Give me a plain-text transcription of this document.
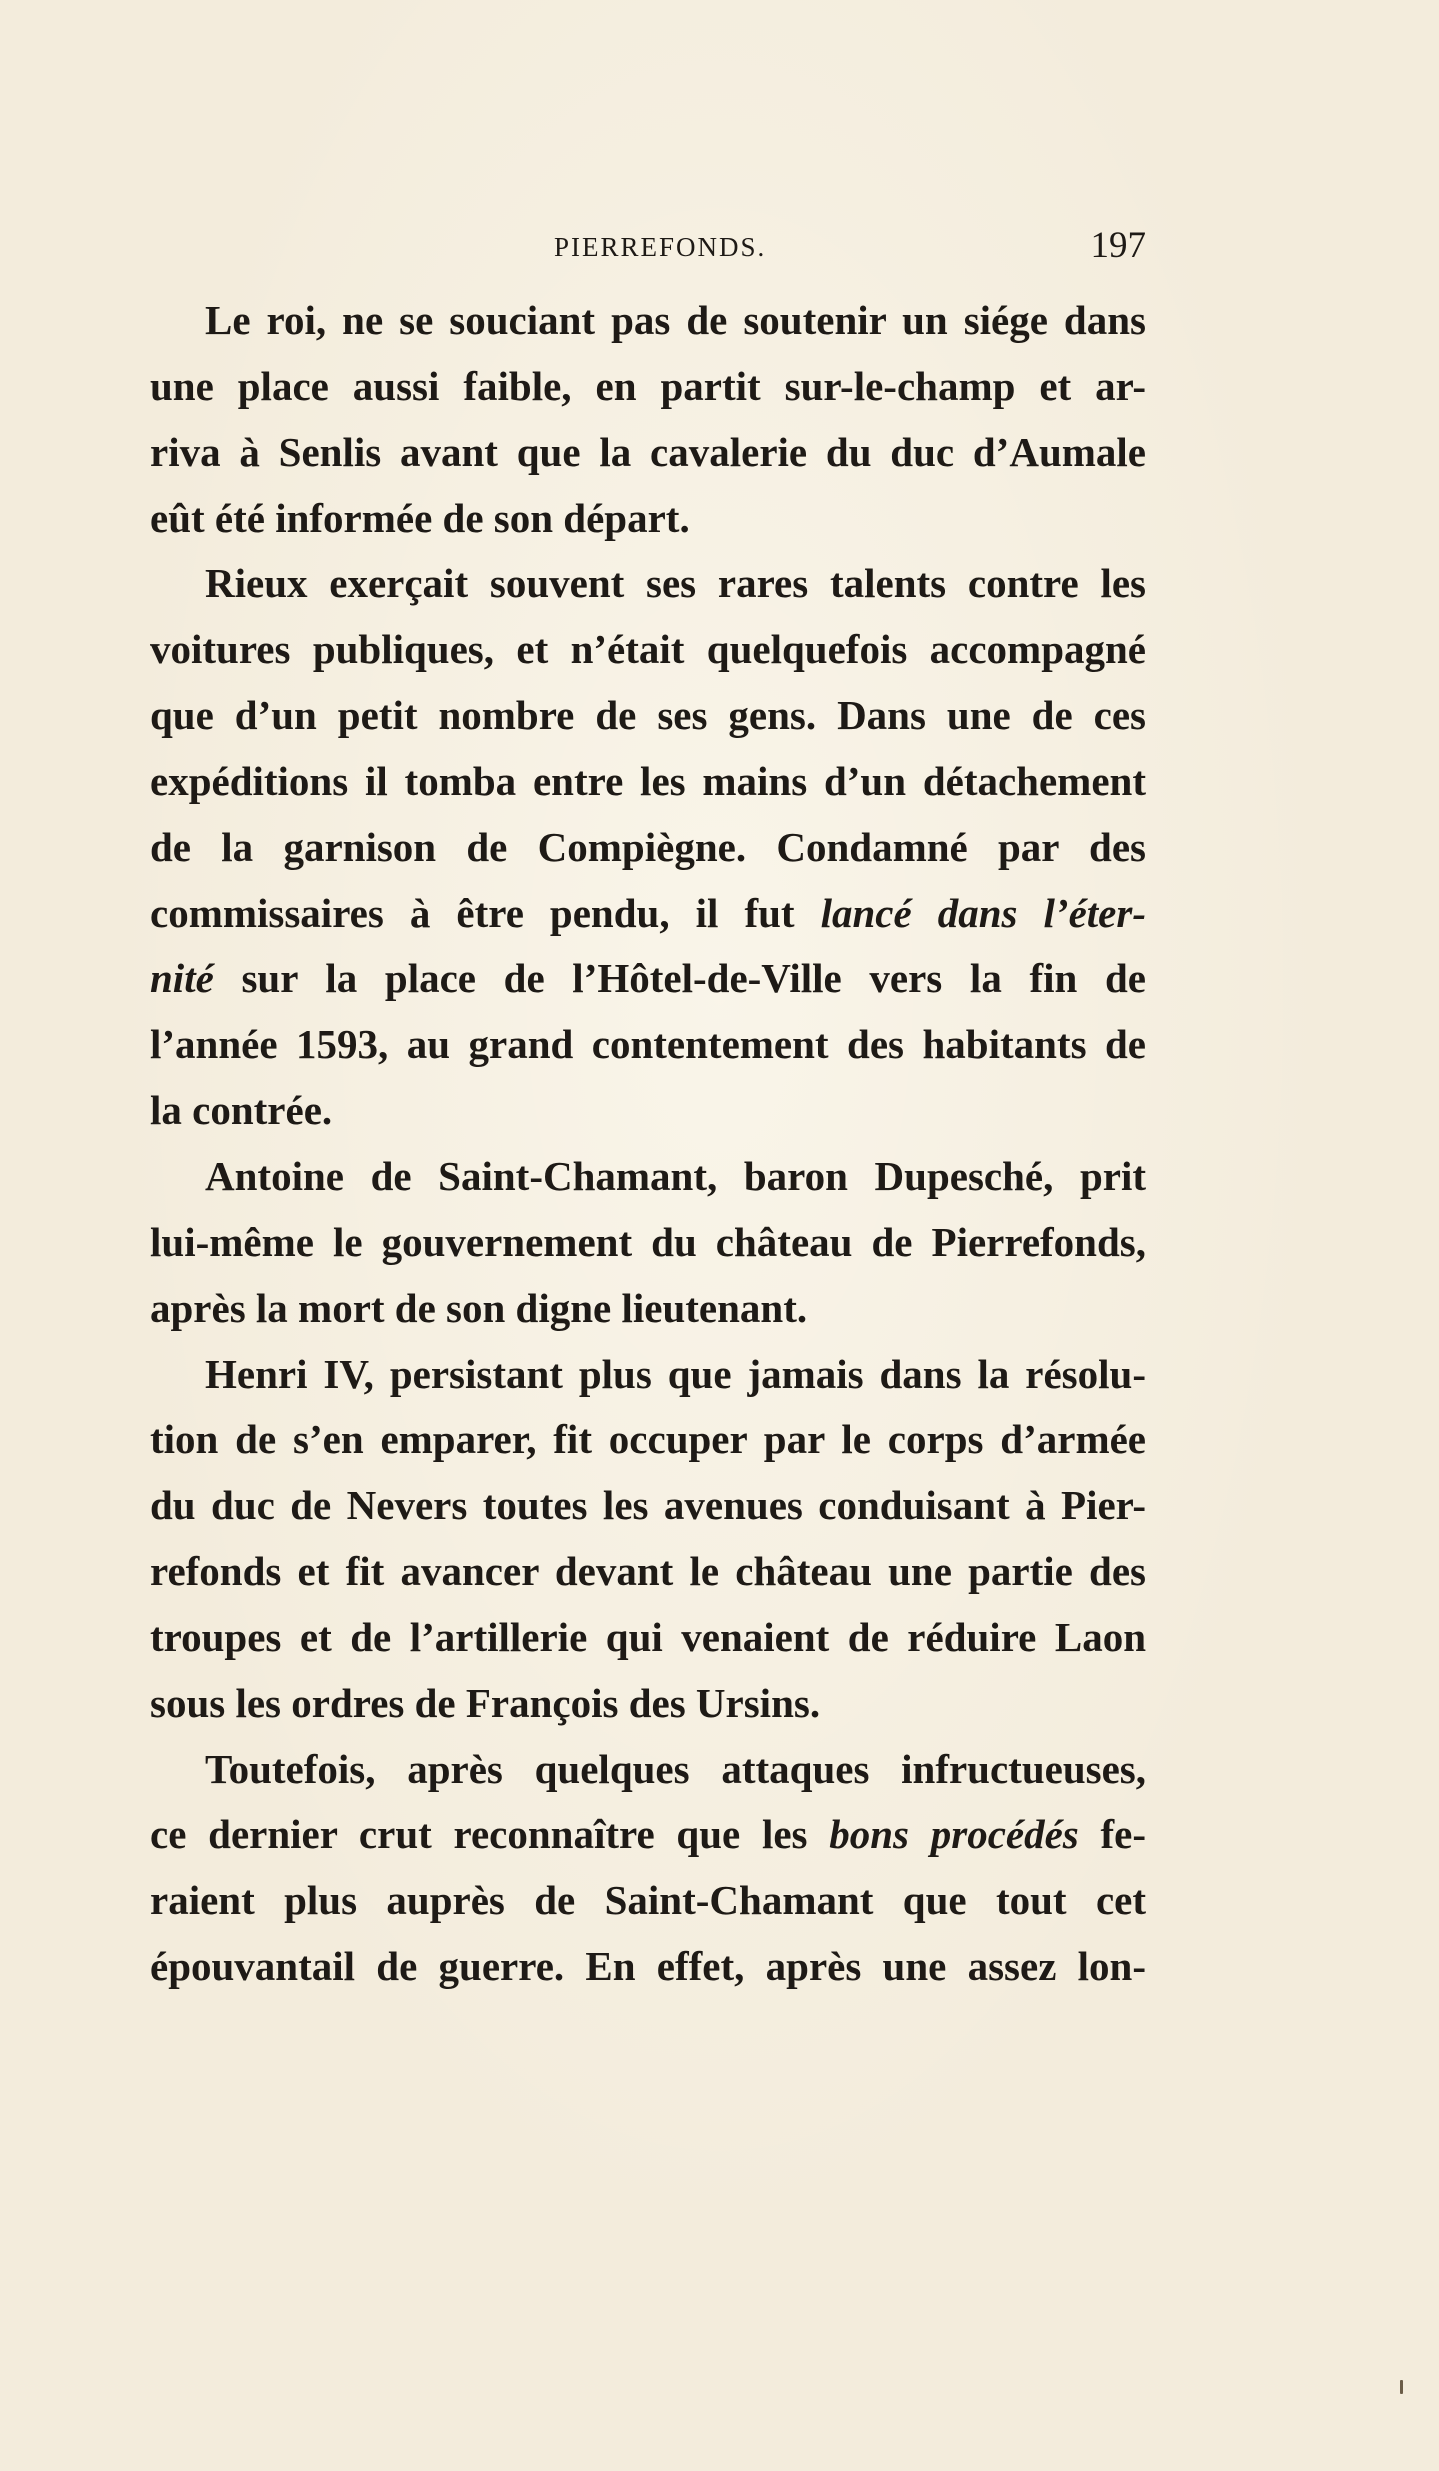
PIERREFONDS.	197
Le roi, ne se souciant pas de soutenir un siége dans
une place aussi faible, en partit sur-le-champ et ar-
riva à Senlis avant que la cavalerie du duc d’Aumale
eût été informée de son départ.
Rieux exerçait souvent ses rares talents contre les
voitures publiques, et n’était quelquefois accompagné
que d’un petit nombre de ses gens. Dans une de ces
expéditions il tomba entre les mains d’un détachement
de la garnison de Compiègne. Condamné par des
commissaires à être pendu, il fut lancé dans l’éter-
nité sur la place de l’Hôtel-de-Ville vers la fin de
l’année 1593, au grand contentement des habitants de
la contrée.
Antoine de Saint-Chamant, baron Dupesché, prit
lui-même le gouvernement du château de Pierrefonds,
après la mort de son digne lieutenant.
Henri IV, persistant plus que jamais dans la résolu-
tion de s’en emparer, fit occuper par le corps d’armée
du duc de Nevers toutes les avenues conduisant à Pier-
refonds et fit avancer devant le château une partie des
troupes et de l’artillerie qui venaient de réduire Laon
sous les ordres de François des Ursins.
Toutefois, après quelques attaques infructueuses,
ce dernier crut reconnaître que les bons procédés fe-
raient plus auprès de Saint-Chamant que tout cet
épouvantail de guerre. En effet, après une assez lon-
